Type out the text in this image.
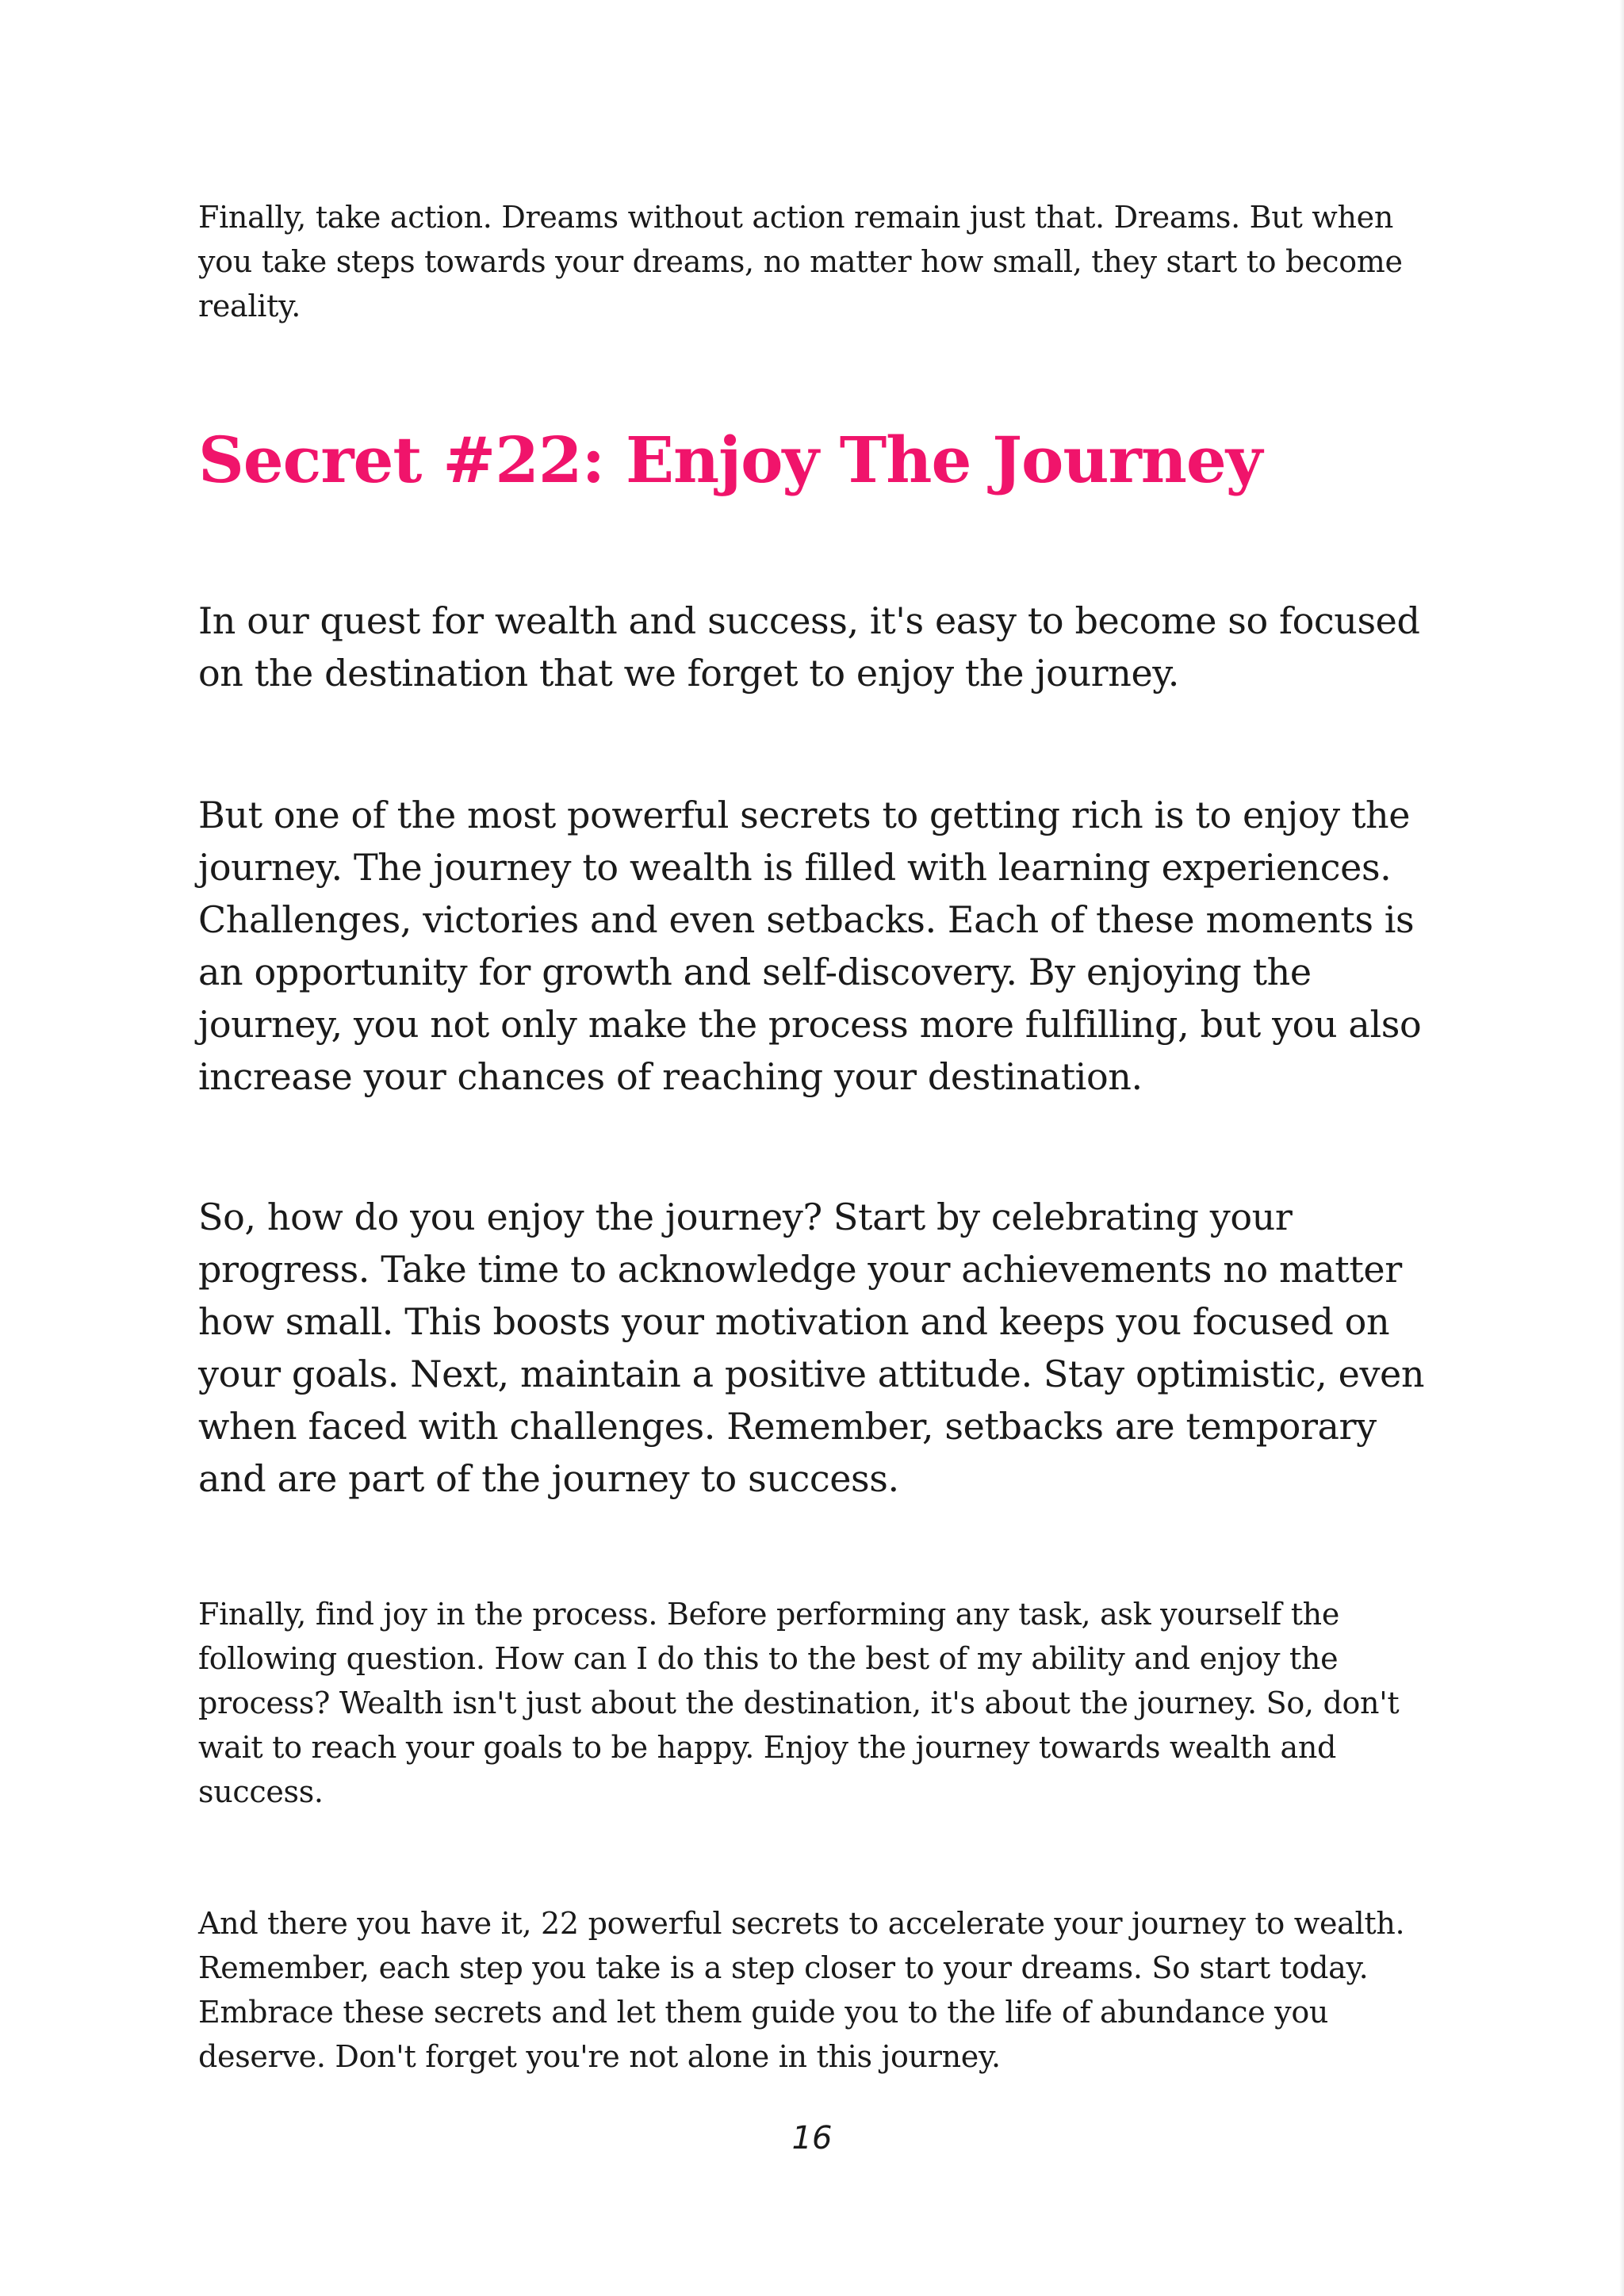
Finally, take action. Dreams without action remain just that. Dreams. But when you take steps towards your dreams, no matter how small, they start to become reality.

Secret #22: Enjoy The Journey

In our quest for wealth and success, it's easy to become so focused on the destination that we forget to enjoy the journey.

But one of the most powerful secrets to getting rich is to enjoy the journey. The journey to wealth is filled with learning experiences. Challenges, victories and even setbacks. Each of these moments is an opportunity for growth and self-discovery. By enjoying the journey, you not only make the process more fulfilling, but you also increase your chances of reaching your destination.

So, how do you enjoy the journey? Start by celebrating your progress. Take time to acknowledge your achievements no matter how small. This boosts your motivation and keeps you focused on your goals. Next, maintain a positive attitude. Stay optimistic, even when faced with challenges. Remember, setbacks are temporary and are part of the journey to success.

Finally, find joy in the process. Before performing any task, ask yourself the following question. How can I do this to the best of my ability and enjoy the process? Wealth isn't just about the destination, it's about the journey. So, don't wait to reach your goals to be happy. Enjoy the journey towards wealth and success.

And there you have it, 22 powerful secrets to accelerate your journey to wealth. Remember, each step you take is a step closer to your dreams. So start today. Embrace these secrets and let them guide you to the life of abundance you deserve. Don't forget you're not alone in this journey.

16
